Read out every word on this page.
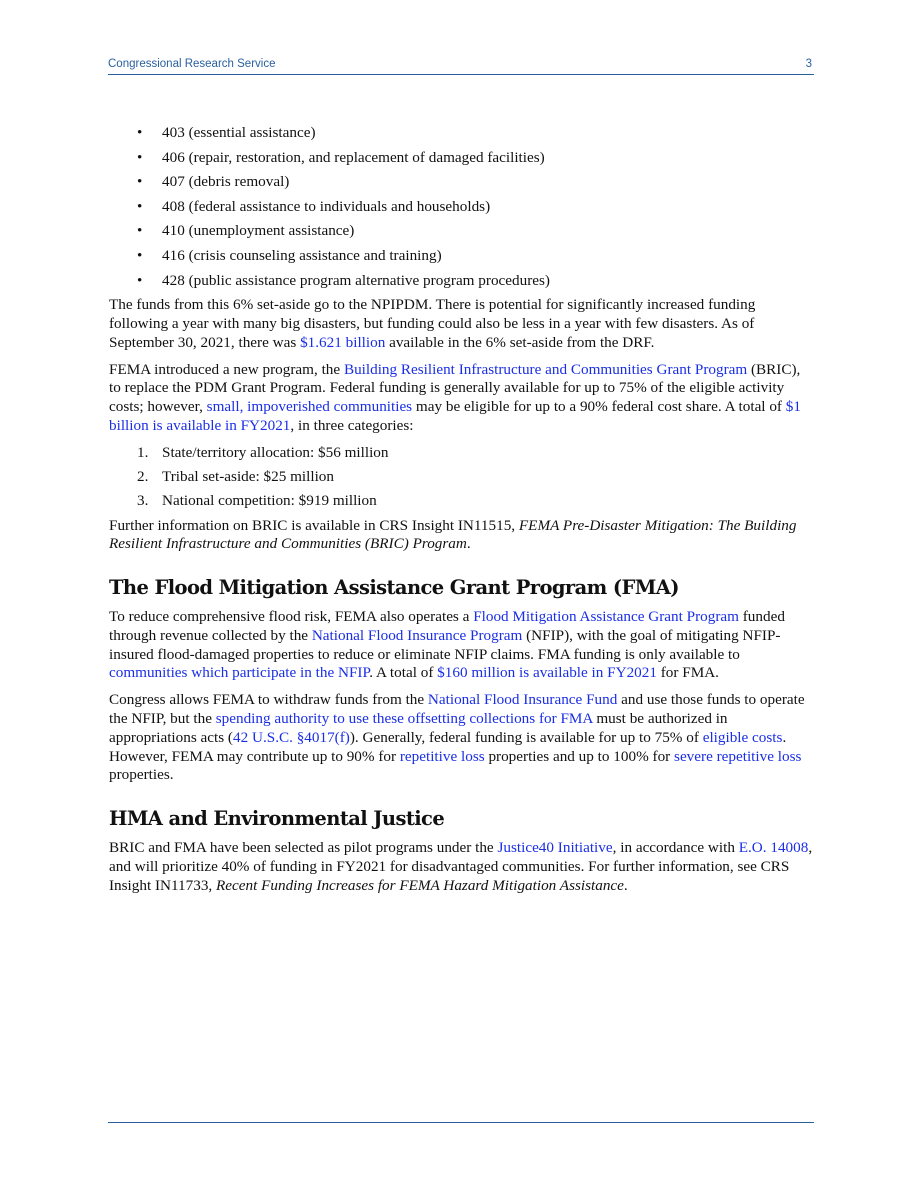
Congressional Research Service	3
• 403 (essential assistance)
• 406 (repair, restoration, and replacement of damaged facilities)
• 407 (debris removal)
• 408 (federal assistance to individuals and households)
• 410 (unemployment assistance)
• 416 (crisis counseling assistance and training)
• 428 (public assistance program alternative program procedures)

The funds from this 6% set-aside go to the NPIPDM. There is potential for significantly increased funding following a year with many big disasters, but funding could also be less in a year with few disasters. As of September 30, 2021, there was $1.621 billion available in the 6% set-aside from the DRF.

FEMA introduced a new program, the Building Resilient Infrastructure and Communities Grant Program (BRIC), to replace the PDM Grant Program. Federal funding is generally available for up to 75% of the eligible activity costs; however, small, impoverished communities may be eligible for up to a 90% federal cost share. A total of $1 billion is available in FY2021, in three categories:

1. State/territory allocation: $56 million
2. Tribal set-aside: $25 million
3. National competition: $919 million

Further information on BRIC is available in CRS Insight IN11515, FEMA Pre-Disaster Mitigation: The Building Resilient Infrastructure and Communities (BRIC) Program.

The Flood Mitigation Assistance Grant Program (FMA)

To reduce comprehensive flood risk, FEMA also operates a Flood Mitigation Assistance Grant Program funded through revenue collected by the National Flood Insurance Program (NFIP), with the goal of mitigating NFIP-insured flood-damaged properties to reduce or eliminate NFIP claims. FMA funding is only available to communities which participate in the NFIP. A total of $160 million is available in FY2021 for FMA.

Congress allows FEMA to withdraw funds from the National Flood Insurance Fund and use those funds to operate the NFIP, but the spending authority to use these offsetting collections for FMA must be authorized in appropriations acts (42 U.S.C. §4017(f)). Generally, federal funding is available for up to 75% of eligible costs. However, FEMA may contribute up to 90% for repetitive loss properties and up to 100% for severe repetitive loss properties.

HMA and Environmental Justice

BRIC and FMA have been selected as pilot programs under the Justice40 Initiative, in accordance with E.O. 14008, and will prioritize 40% of funding in FY2021 for disadvantaged communities. For further information, see CRS Insight IN11733, Recent Funding Increases for FEMA Hazard Mitigation Assistance.
